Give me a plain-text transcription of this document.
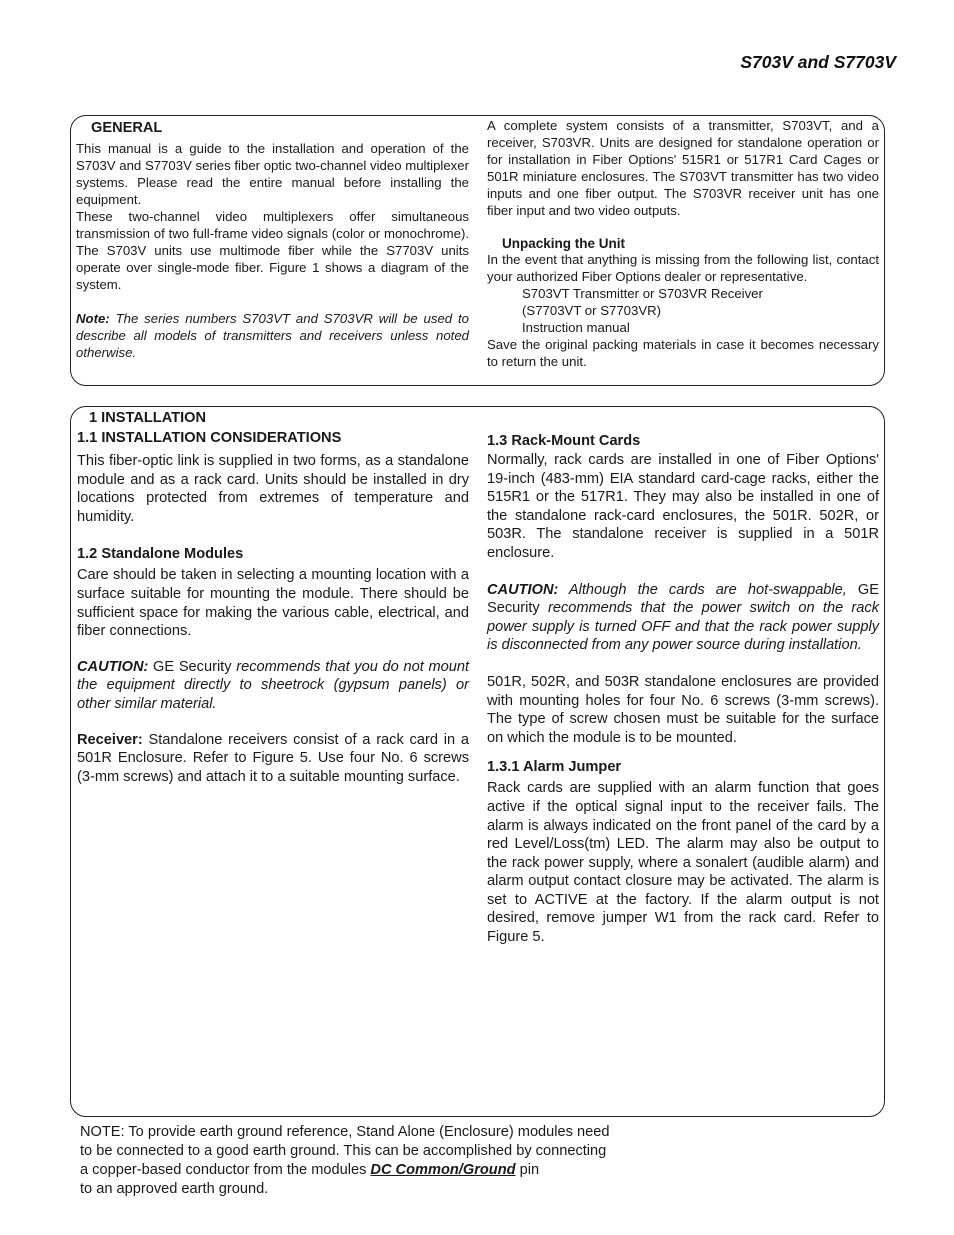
S703V and S7703V
GENERAL

This manual is a guide to the installation and operation of the S703V and S7703V series fiber optic two-channel video multiplexer systems. Please read the entire manual before installing the equipment.

These two-channel video multiplexers offer simultaneous transmission of two full-frame video signals (color or monochrome). The S703V units use multimode fiber while the S7703V units operate over single-mode fiber. Figure 1 shows a diagram of the system.

Note: The series numbers S703VT and S703VR will be used to describe all models of transmitters and receivers unless noted otherwise.

A complete system consists of a transmitter, S703VT, and a receiver, S703VR. Units are designed for standalone operation or for installation in Fiber Options' 515R1 or 517R1 Card Cages or 501R miniature enclosures. The S703VT transmitter has two video inputs and one fiber output. The S703VR receiver unit has one fiber input and two video outputs.

Unpacking the Unit

In the event that anything is missing from the following list, contact your authorized Fiber Options dealer or representative.

S703VT Transmitter or S703VR Receiver

(S7703VT or S7703VR)

Instruction manual

Save the original packing materials in case it becomes necessary to return the unit.

1 INSTALLATION
1.1 INSTALLATION CONSIDERATIONS

This fiber-optic link is supplied in two forms, as a standalone module and as a rack card. Units should be installed in dry locations protected from extremes of temperature and humidity.

1.2 Standalone Modules

Care should be taken in selecting a mounting location with a surface suitable for mounting the module. There should be sufficient space for making the various cable, electrical, and fiber connections.

CAUTION: GE Security recommends that you do not mount the equipment directly to sheetrock (gypsum panels) or other similar material.

Receiver: Standalone receivers consist of a rack card in a 501R Enclosure. Refer to Figure 5. Use four No. 6 screws (3-mm screws) and attach it to a suitable mounting surface.

1.3 Rack-Mount Cards

Normally, rack cards are installed in one of Fiber Options' 19-inch (483-mm) EIA standard card-cage racks, either the 515R1 or the 517R1. They may also be installed in one of the standalone rack-card enclosures, the 501R. 502R, or 503R. The standalone receiver is supplied in a 501R enclosure.

CAUTION: Although the cards are hot-swappable, GE Security recommends that the power switch on the rack power supply is turned OFF and that the rack power supply is disconnected from any power source during installation.

501R, 502R, and 503R standalone enclosures are provided with mounting holes for four No. 6 screws (3-mm screws). The type of screw chosen must be suitable for the surface on which the module is to be mounted.

1.3.1 Alarm Jumper

Rack cards are supplied with an alarm function that goes active if the optical signal input to the receiver fails. The alarm is always indicated on the front panel of the card by a red Level/Loss(tm) LED. The alarm may also be output to the rack power supply, where a sonalert (audible alarm) and alarm output contact closure may be activated. The alarm is set to ACTIVE at the factory. If the alarm output is not desired, remove jumper W1 from the rack card. Refer to Figure 5.

NOTE: To provide earth ground reference, Stand Alone (Enclosure) modules need
to be connected to a good earth ground. This can be accomplished by connecting
a copper-based conductor from the modules DC Common/Ground pin
to an approved earth ground.
